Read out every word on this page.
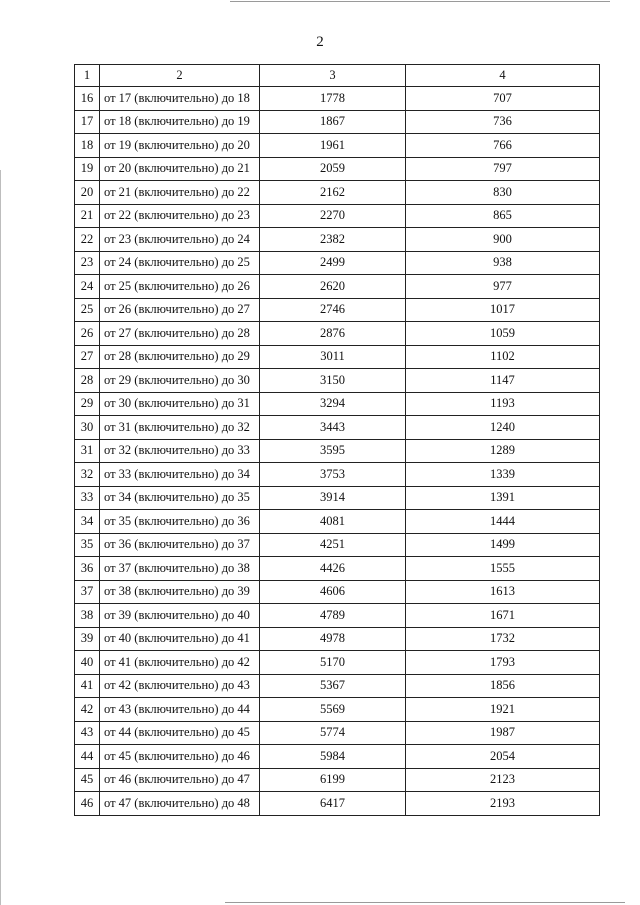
2
1	2	3	4
16	от 17 (включительно) до 18	1778	707
17	от 18 (включительно) до 19	1867	736
18	от 19 (включительно) до 20	1961	766
19	от 20 (включительно) до 21	2059	797
20	от 21 (включительно) до 22	2162	830
21	от 22 (включительно) до 23	2270	865
22	от 23 (включительно) до 24	2382	900
23	от 24 (включительно) до 25	2499	938
24	от 25 (включительно) до 26	2620	977
25	от 26 (включительно) до 27	2746	1017
26	от 27 (включительно) до 28	2876	1059
27	от 28 (включительно) до 29	3011	1102
28	от 29 (включительно) до 30	3150	1147
29	от 30 (включительно) до 31	3294	1193
30	от 31 (включительно) до 32	3443	1240
31	от 32 (включительно) до 33	3595	1289
32	от 33 (включительно) до 34	3753	1339
33	от 34 (включительно) до 35	3914	1391
34	от 35 (включительно) до 36	4081	1444
35	от 36 (включительно) до 37	4251	1499
36	от 37 (включительно) до 38	4426	1555
37	от 38 (включительно) до 39	4606	1613
38	от 39 (включительно) до 40	4789	1671
39	от 40 (включительно) до 41	4978	1732
40	от 41 (включительно) до 42	5170	1793
41	от 42 (включительно) до 43	5367	1856
42	от 43 (включительно) до 44	5569	1921
43	от 44 (включительно) до 45	5774	1987
44	от 45 (включительно) до 46	5984	2054
45	от 46 (включительно) до 47	6199	2123
46	от 47 (включительно) до 48	6417	2193
